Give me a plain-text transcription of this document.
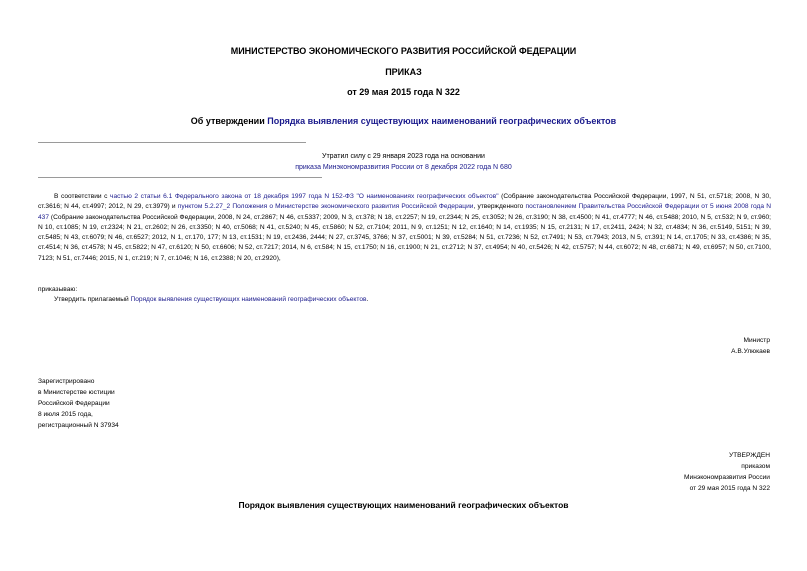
МИНИСТЕРСТВО ЭКОНОМИЧЕСКОГО РАЗВИТИЯ РОССИЙСКОЙ ФЕДЕРАЦИИ
ПРИКАЗ
от 29 мая 2015 года N 322
Об утверждении Порядка выявления существующих наименований географических объектов
Утратил силу с 29 января 2023 года на основании
приказа Минэкономразвития России от 8 декабря 2022 года N 680
В соответствии с частью 2 статьи 6.1 Федерального закона от 18 декабря 1997 года N 152-ФЗ "О наименованиях географических объектов" (Собрание законодательства Российской Федерации, 1997, N 51, ст.5718; 2008, N 30, ст.3616; N 44, ст.4997; 2012, N 29, ст.3979) и пунктом 5.2.27_2 Положения о Министерстве экономического развития Российской Федерации, утвержденного постановлением Правительства Российской Федерации от 5 июня 2008 года N 437 (Собрание законодательства Российской Федерации, 2008, N 24, ст.2867; N 46, ст.5337; 2009, N 3, ст.378; N 18, ст.2257; N 19, ст.2344; N 25, ст.3052; N 26, ст.3190; N 38, ст.4500; N 41, ст.4777; N 46, ст.5488; 2010, N 5, ст.532; N 9, ст.960; N 10, ст.1085; N 19, ст.2324; N 21, ст.2602; N 26, ст.3350; N 40, ст.5068; N 41, ст.5240; N 45, ст.5860; N 52, ст.7104; 2011, N 9, ст.1251; N 12, ст.1640; N 14, ст.1935; N 15, ст.2131; N 17, ст.2411, 2424; N 32, ст.4834; N 36, ст.5149, 5151; N 39, ст.5485; N 43, ст.6079; N 46, ст.6527; 2012, N 1, ст.170, 177; N 13, ст.1531; N 19, ст.2436, 2444; N 27, ст.3745, 3766; N 37, ст.5001; N 39, ст.5284; N 51, ст.7236; N 52, ст.7491; N 53, ст.7943; 2013, N 5, ст.391; N 14, ст.1705; N 33, ст.4386; N 35, ст.4514; N 36, ст.4578; N 45, ст.5822; N 47, ст.6120; N 50, ст.6606; N 52, ст.7217; 2014, N 6, ст.584; N 15, ст.1750; N 16, ст.1900; N 21, ст.2712; N 37, ст.4954; N 40, ст.5426; N 42, ст.5757; N 44, ст.6072; N 48, ст.6871; N 49, ст.6957; N 50, ст.7100, 7123; N 51, ст.7446; 2015, N 1, ст.219; N 7, ст.1046; N 16, ст.2388; N 20, ст.2920),
приказываю:
Утвердить прилагаемый Порядок выявления существующих наименований географических объектов.
Министр
А.В.Улюкаев
Зарегистрировано
в Министерстве юстиции
Российской Федерации
8 июля 2015 года,
регистрационный N 37934
УТВЕРЖДЕН
приказом
Минэкономразвития России
от 29 мая 2015 года N 322
Порядок выявления существующих наименований географических объектов
